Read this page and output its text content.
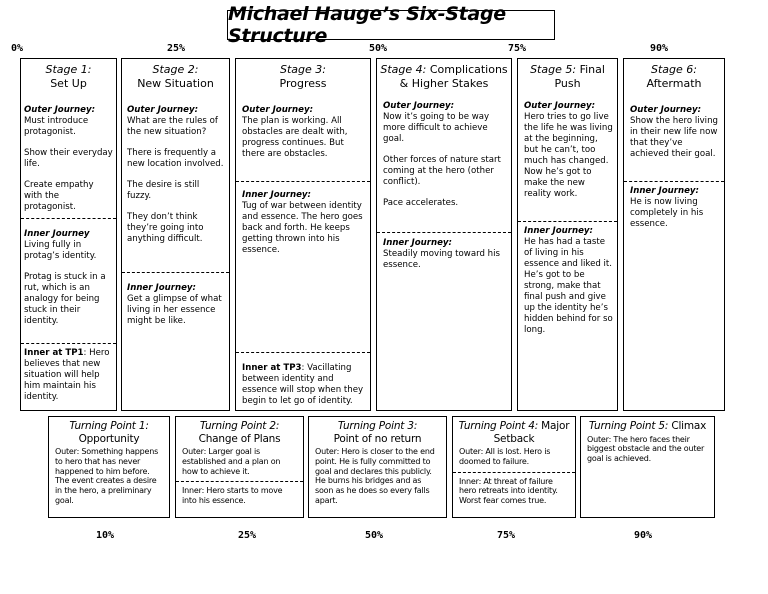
Michael Hauge’s Six-Stage Structure
0%	25%	50%	75%	90%
Stage 1:
Set Up
Outer Journey:

Must introduce protagonist.

Show their everyday life.

Create empathy with the protagonist.

Inner Journey

Living fully in protag’s identity.

Protag is stuck in a rut, which is an analogy for being stuck in their identity.

Inner at TP1: Hero believes that new situation will help him maintain his identity.
Stage 2:
New Situation
Outer Journey:

What are the rules of the new situation?

There is frequently a new location involved.

The desire is still fuzzy.

They don’t think they’re going into anything difficult.

Inner Journey:

Get a glimpse of what living in her essence might be like.

Stage 3:
Progress
Outer Journey:

The plan is working. All obstacles are dealt with, progress continues. But there are obstacles.

Inner Journey:

Tug of war between identity and essence. The hero goes back and forth. He keeps getting thrown into his essence.

Inner at TP3: Vacillating between identity and essence will stop when they begin to let go of identity.
Stage 4: Complications & Higher Stakes
Outer Journey:

Now it’s going to be way more difficult to achieve goal.

Other forces of nature start coming at the hero (other conflict).

Pace accelerates.

Inner Journey:

Steadily moving toward his essence.

Stage 5: Final Push
Outer Journey:

Hero tries to go live the life he was living at the beginning, but he can’t, too much has changed. Now he’s got to make the new reality work.

Inner Journey:

He has had a taste of living in his essence and liked it. He’s got to be strong, make that final push and give up the identity he’s hidden behind for so long.

Stage 6:
Aftermath
Outer Journey:

Show the hero living in their new life now that they’ve achieved their goal.

Inner Journey:

He is now living completely in his essence.

Turning Point 1:
Opportunity
Outer: Something happens to hero that has never happened to him before. The event creates a desire in the hero, a preliminary goal.
Turning Point 2:
Change of Plans
Outer: Larger goal is established and a plan on how to achieve it.
Inner: Hero starts to move into his essence.
Turning Point 3:
Point of no return
Outer: Hero is closer to the end point. He is fully committed to goal and declares this publicly. He burns his bridges and as soon as he does so every falls apart.
Turning Point 4: Major Setback
Outer: All is lost. Hero is doomed to failure.
Inner: At threat of failure hero retreats into identity. Worst fear comes true.
Turning Point 5: Climax
Outer: The hero faces their biggest obstacle and the outer goal is achieved.
10%	25%	50%	75%	90%
